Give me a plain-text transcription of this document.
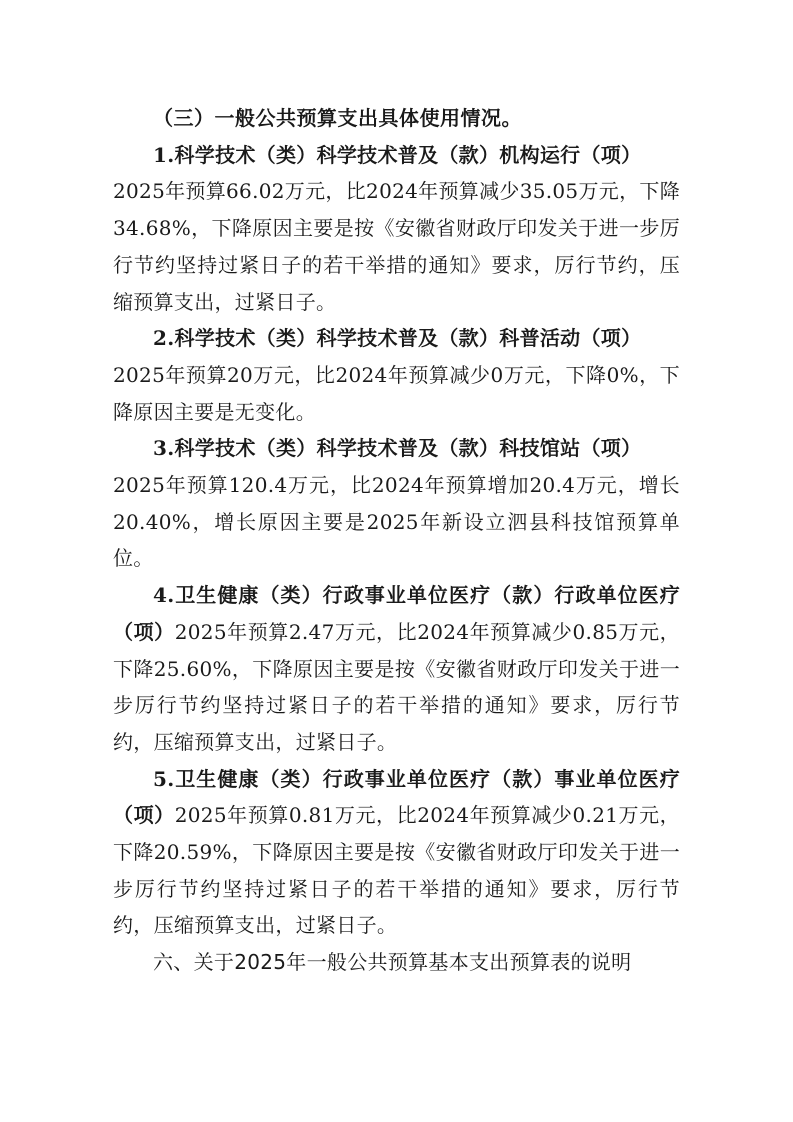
（三）一般公共预算支出具体使用情况。

1.科学技术（类）科学技术普及（款）机构运行（项）
2025年预算66.02万元，比2024年预算减少35.05万元，下降34.68%，下降原因主要是按《安徽省财政厅印发关于进一步厉行节约坚持过紧日子的若干举措的通知》要求，厉行节约，压缩预算支出，过紧日子。

2.科学技术（类）科学技术普及（款）科普活动（项）
2025年预算20万元，比2024年预算减少0万元，下降0%，下降原因主要是无变化。

3.科学技术（类）科学技术普及（款）科技馆站（项）
2025年预算120.4万元，比2024年预算增加20.4万元，增长20.40%，增长原因主要是2025年新设立泗县科技馆预算单位。

4.卫生健康（类）行政事业单位医疗（款）行政单位医疗（项）2025年预算2.47万元，比2024年预算减少0.85万元，下降25.60%，下降原因主要是按《安徽省财政厅印发关于进一步厉行节约坚持过紧日子的若干举措的通知》要求，厉行节约，压缩预算支出，过紧日子。

5.卫生健康（类）行政事业单位医疗（款）事业单位医疗（项）2025年预算0.81万元，比2024年预算减少0.21万元，下降20.59%，下降原因主要是按《安徽省财政厅印发关于进一步厉行节约坚持过紧日子的若干举措的通知》要求，厉行节约，压缩预算支出，过紧日子。

六、关于2025年一般公共预算基本支出预算表的说明
